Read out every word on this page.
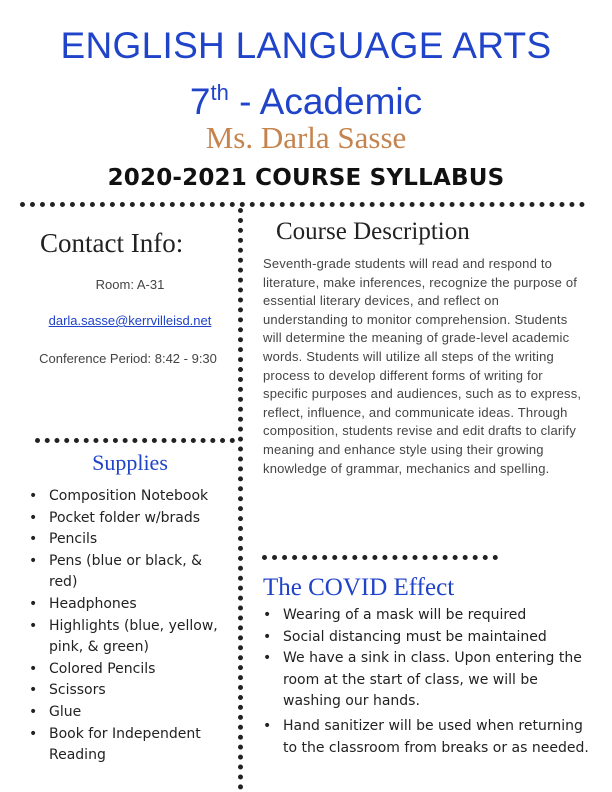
ENGLISH LANGUAGE ARTS
7th - Academic
Ms. Darla Sasse
2020-2021 COURSE SYLLABUS
Contact Info:
Room: A-31
darla.sasse@kerrvilleisd.net
Conference Period: 8:42 - 9:30
Supplies
• Composition Notebook
• Pocket folder w/brads
• Pencils
• Pens (blue or black, & red)
• Headphones
• Highlights (blue, yellow, pink, & green)
• Colored Pencils
• Scissors
• Glue
• Book for Independent Reading
Course Description
Seventh-grade students will read and respond to literature, make inferences, recognize the purpose of essential literary devices, and reflect on understanding to monitor comprehension. Students will determine the meaning of grade-level academic words. Students will utilize all steps of the writing process to develop different forms of writing for specific purposes and audiences, such as to express, reflect, influence, and communicate ideas. Through composition, students revise and edit drafts to clarify meaning and enhance style using their growing knowledge of grammar, mechanics and spelling.
The COVID Effect
• Wearing of a mask will be required
• Social distancing must be maintained
• We have a sink in class. Upon entering the room at the start of class, we will be washing our hands.
• Hand sanitizer will be used when returning to the classroom from breaks or as needed.
